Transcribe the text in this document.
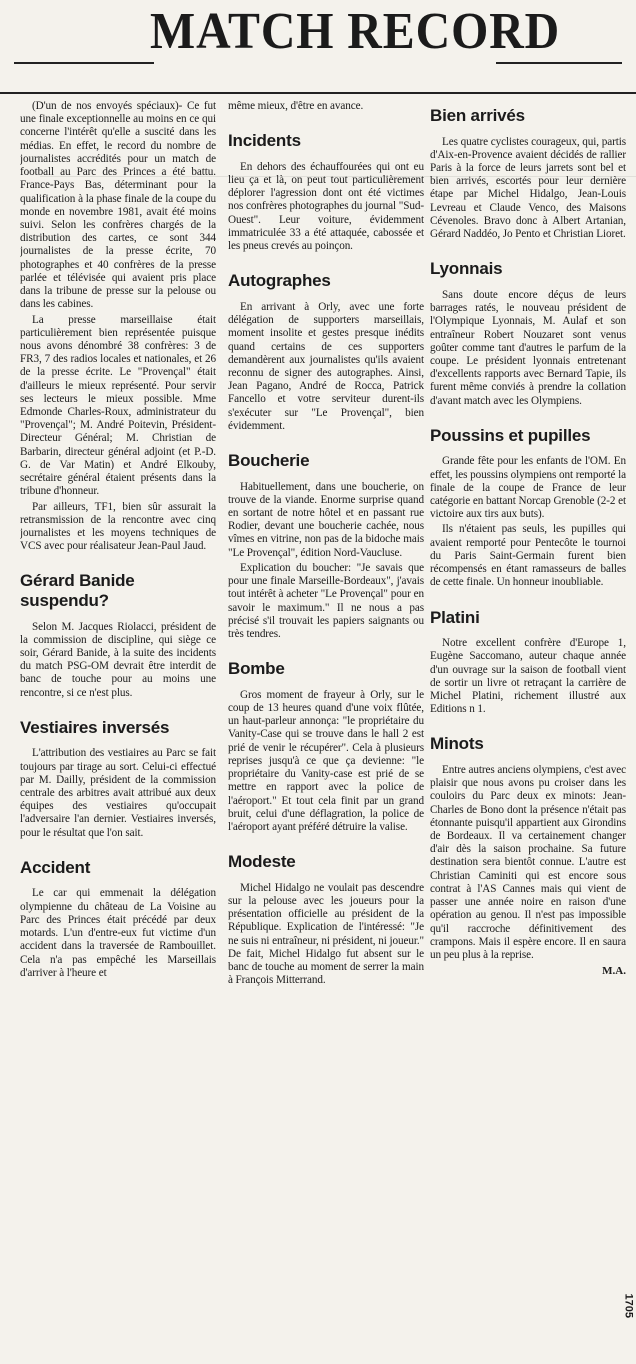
MATCH RECORD

(D'un de nos envoyés spéciaux)- Ce fut une finale exceptionnelle au moins en ce qui concerne l'intérêt qu'elle a suscité dans les médias. En effet, le record du nombre de journalistes accrédités pour un match de football au Parc des Princes a été battu. France-Pays Bas, déterminant pour la qualification à la phase finale de la coupe du monde en novembre 1981, avait été moins suivi. Selon les confrères chargés de la distribution des cartes, ce sont 344 journalistes de la presse écrite, 70 photographes et 40 confrères de la presse parlée et télévisée qui avaient pris place dans la tribune de presse sur la pelouse ou dans les cabines.

La presse marseillaise était particulièrement bien représentée puisque nous avons dénombré 38 confrères: 3 de FR3, 7 des radios locales et nationales, et 26 de la presse écrite. Le "Provençal" était d'ailleurs le mieux représenté. Pour servir ses lecteurs le mieux possible. Mme Edmonde Charles-Roux, administrateur du "Provençal"; M. André Poitevin, Président-Directeur Général; M. Christian de Barbarin, directeur général adjoint (et P.-D. G. de Var Matin) et André Elkouby, secrétaire général étaient présents dans la tribune d'honneur.

Par ailleurs, TF1, bien sûr assurait la retransmission de la rencontre avec cinq journalistes et les moyens techniques de VCS avec pour réalisateur Jean-Paul Jaud.

Gérard Banide suspendu?

Selon M. Jacques Riolacci, président de la commission de discipline, qui siège ce soir, Gérard Banide, à la suite des incidents du match PSG-OM devrait être interdit de banc de touche pour au moins une rencontre, si ce n'est plus.

Vestiaires inversés

L'attribution des vestiaires au Parc se fait toujours par tirage au sort. Celui-ci effectué par M. Dailly, président de la commission centrale des arbitres avait attribué aux deux équipes des vestiaires qu'occupait l'adversaire l'an dernier. Vestiaires inversés, pour le résultat que l'on sait.

Accident

Le car qui emmenait la délégation olympienne du château de La Voisine au Parc des Princes était précédé par deux motards. L'un d'entre-eux fut victime d'un accident dans la traversée de Rambouillet. Cela n'a pas empêché les Marseillais d'arriver à l'heure et

même mieux, d'être en avance.

Incidents

En dehors des échauffourées qui ont eu lieu ça et là, on peut tout particulièrement déplorer l'agression dont ont été victimes nos confrères photographes du journal "Sud-Ouest". Leur voiture, évidemment immatriculée 33 a été attaquée, cabossée et les pneus crevés au poinçon.

Autographes

En arrivant à Orly, avec une forte délégation de supporters marseillais, moment insolite et gestes presque inédits quand certains de ces supporters demandèrent aux journalistes qu'ils avaient reconnu de signer des autographes. Ainsi, Jean Pagano, André de Rocca, Patrick Fancello et votre serviteur durent-ils s'exécuter sur "Le Provençal", bien évidemment.

Boucherie

Habituellement, dans une boucherie, on trouve de la viande. Enorme surprise quand en sortant de notre hôtel et en passant rue Rodier, devant une boucherie cachée, nous vîmes en vitrine, non pas de la bidoche mais "Le Provençal", édition Nord-Vaucluse.

Explication du boucher: "Je savais que pour une finale Marseille-Bordeaux", j'avais tout intérêt à acheter "Le Provençal" pour en savoir le maximum." Il ne nous a pas précisé s'il trouvait les papiers saignants ou très tendres.

Bombe

Gros moment de frayeur à Orly, sur le coup de 13 heures quand d'une voix flûtée, un haut-parleur annonça: "le propriétaire du Vanity-Case qui se trouve dans le hall 2 est prié de venir le récupérer". Cela à plusieurs reprises jusqu'à ce que ça devienne: "le propriétaire du Vanity-case est prié de se mettre en rapport avec la police de l'aéroport." Et tout cela finit par un grand bruit, celui d'une déflagration, la police de l'aéroport ayant préféré détruire la valise.

Modeste

Michel Hidalgo ne voulait pas descendre sur la pelouse avec les joueurs pour la présentation officielle au président de la République. Explication de l'intéressé: "Je ne suis ni entraîneur, ni président, ni joueur." De fait, Michel Hidalgo fut absent sur le banc de touche au moment de serrer la main à François Mitterrand.

Bien arrivés

Les quatre cyclistes courageux, qui, partis d'Aix-en-Provence avaient décidés de rallier Paris à la force de leurs jarrets sont bel et bien arrivés, escortés pour leur dernière étape par Michel Hidalgo, Jean-Louis Levreau et Claude Venco, des Maisons Cévenoles. Bravo donc à Albert Artanian, Gérard Naddéo, Jo Pento et Christian Lioret.

Lyonnais

Sans doute encore déçus de leurs barrages ratés, le nouveau président de l'Olympique Lyonnais, M. Aulaf et son entraîneur Robert Nouzaret sont venus goûter comme tant d'autres le parfum de la coupe. Le président lyonnais entretenant d'excellents rapports avec Bernard Tapie, ils furent même conviés à prendre la collation d'avant match avec les Olympiens.

Poussins et pupilles

Grande fête pour les enfants de l'OM. En effet, les poussins olympiens ont remporté la finale de la coupe de France de leur catégorie en battant Norcap Grenoble (2-2 et victoire aux tirs aux buts).

Ils n'étaient pas seuls, les pupilles qui avaient remporté pour Pentecôte le tournoi du Paris Saint-Germain furent bien récompensés en étant ramasseurs de balles de cette finale. Un honneur inoubliable.

Platini

Notre excellent confrère d'Europe 1, Eugène Saccomano, auteur chaque année d'un ouvrage sur la saison de football vient de sortir un livre ot retraçant la carrière de Michel Platini, richement illustré aux Editions n 1.

Minots

Entre autres anciens olympiens, c'est avec plaisir que nous avons pu croiser dans les couloirs du Parc deux ex minots: Jean-Charles de Bono dont la présence n'était pas étonnante puisqu'il appartient aux Girondins de Bordeaux. Il va certainement changer d'air dès la saison prochaine. Sa future destination sera bientôt connue. L'autre est Christian Caminiti qui est encore sous contrat à l'AS Cannes mais qui vient de passer une année noire en raison d'une opération au genou. Il n'est pas impossible qu'il raccroche définitivement des crampons. Mais il espère encore. Il en saura un peu plus à la reprise.

M.A.
1705
